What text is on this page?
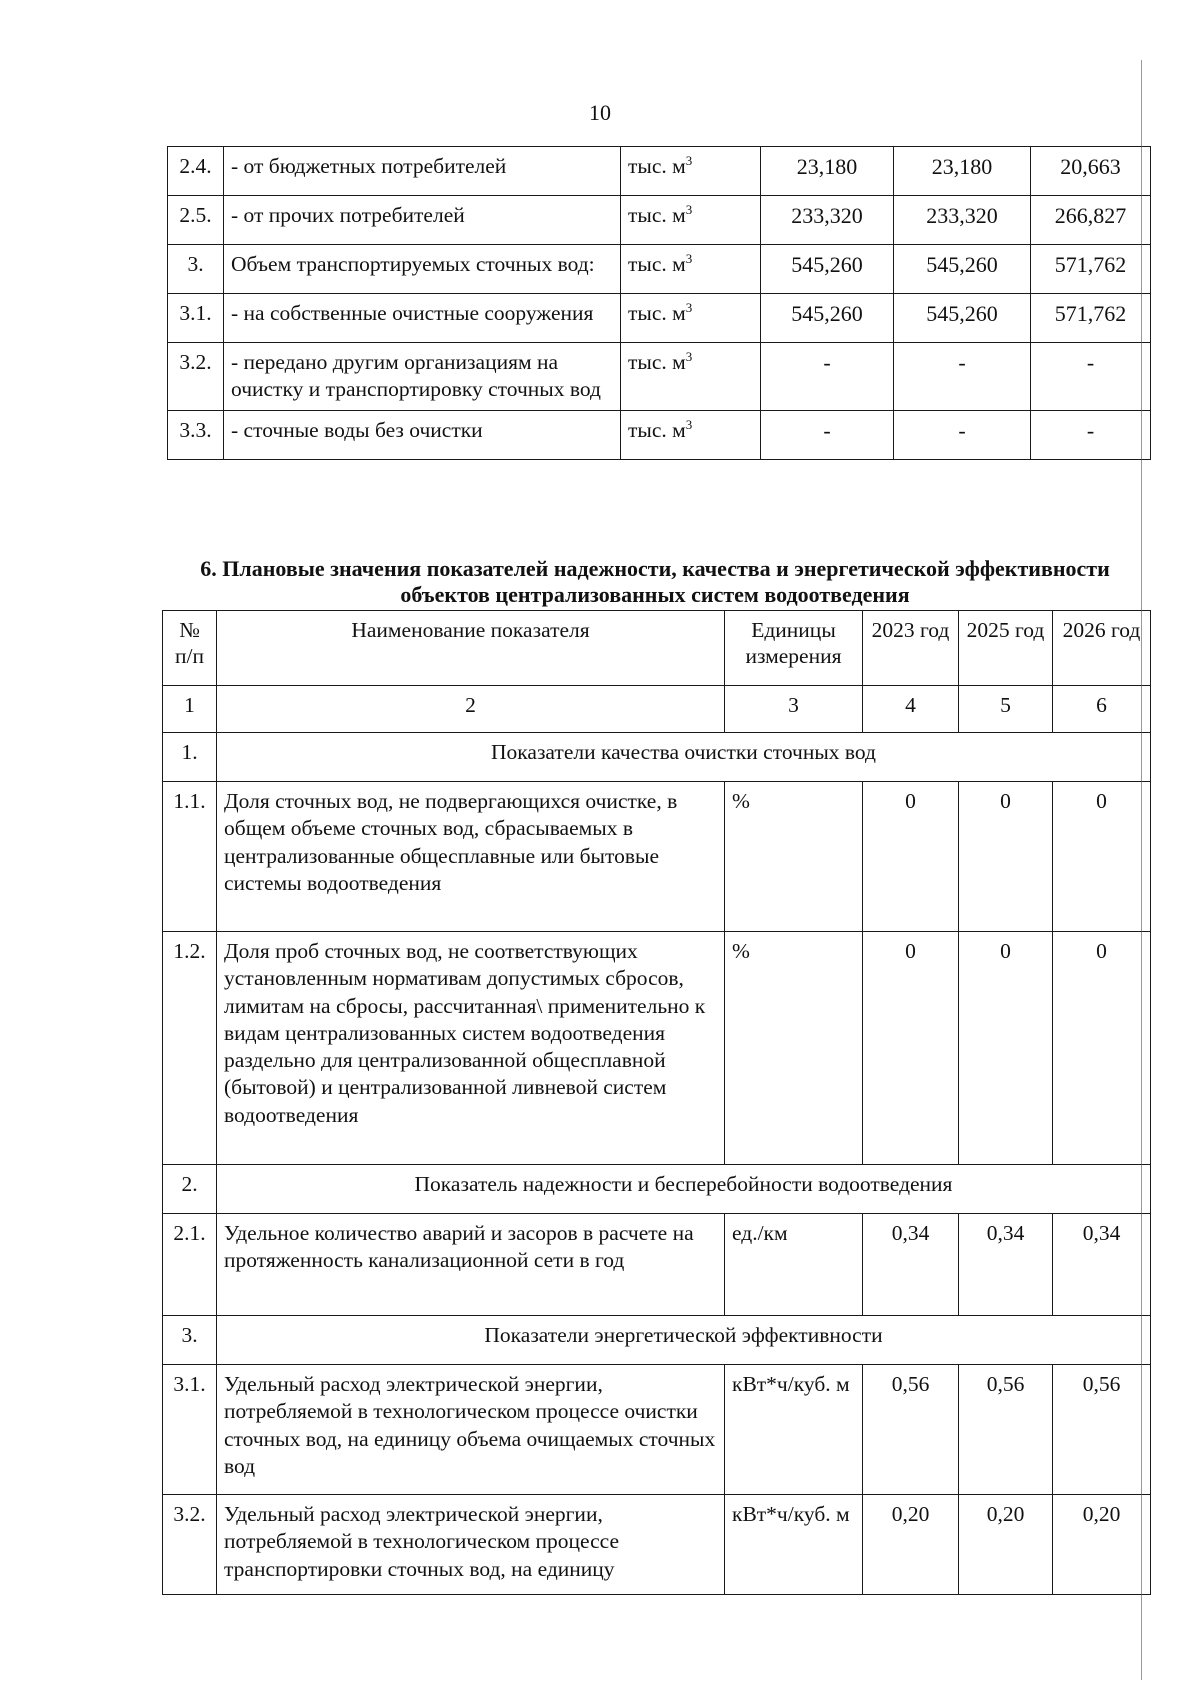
10
2.4.	- от бюджетных потребителей	тыс. $м^3$	23,180	23,180	20,663
2.5.	- от прочих потребителей	тыс. $м^3$	233,320	233,320	266,827
3.	Объем транспортируемых сточных вод:	тыс. $м^3$	545,260	545,260	571,762
3.1.	- на собственные очистные сооружения	тыс. $м^3$	545,260	545,260	571,762
3.2.	- передано другим организациям на очистку и транспортировку сточных вод	тыс. $м^3$	-	-	-
3.3.	- сточные воды без очистки	тыс. $м^3$	-	-	-
6. Плановые значения показателей надежности, качества и энергетической эффективности объектов централизованных систем водоотведения
№ п/п	Наименование показателя	Единицы измерения	2023 год	2025 год	2026 год
1	2	3	4	5	6
1.	Показатели качества очистки сточных вод				
1.1.	Доля сточных вод, не подвергающихся очистке, в общем объеме сточных вод, сбрасываемых в централизованные общесплавные или бытовые системы водоотведения	%	0	0	0
1.2.	Доля проб сточных вод, не соответствующих установленным нормативам допустимых сбросов, лимитам на сбросы, рассчитанная\ применительно к видам централизованных систем водоотведения раздельно для централизованной общесплавной (бытовой) и централизованной ливневой систем водоотведения	%	0	0	0
2.	Показатель надежности и бесперебойности водоотведения				
2.1.	Удельное количество аварий и засоров в расчете на протяженность канализационной сети в год	ед./км	0,34	0,34	0,34
3.	Показатели энергетической эффективности				
3.1.	Удельный расход электрической энергии, потребляемой в технологическом процессе очистки сточных вод, на единицу объема очищаемых сточных вод	кВт*ч/куб. м	0,56	0,56	0,56
3.2.	Удельный расход электрической энергии, потребляемой в технологическом процессе транспортировки сточных вод, на единицу	кВт*ч/куб. м	0,20	0,20	0,20
